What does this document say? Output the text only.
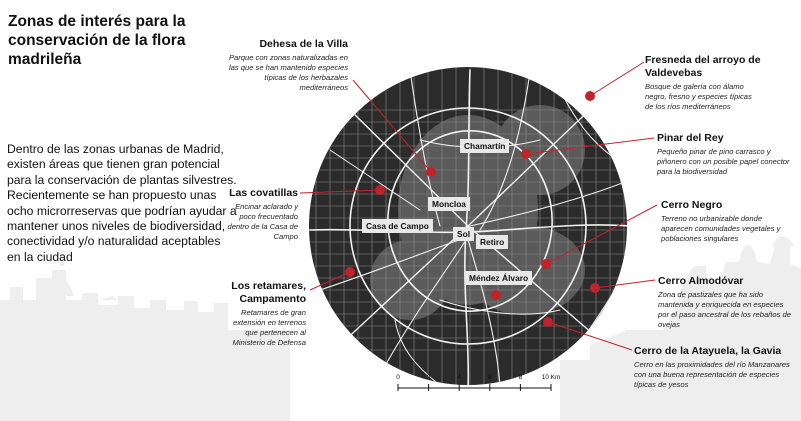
Zonas de interés para la conservación de la flora madrileña
Dentro de las zonas urbanas de Madrid, existen áreas que tienen gran potencial para la conservación de plantas silvestres. Recientemente se han propuesto unas ocho microrreservas que podrían ayudar a mantener unos niveles de biodiversidad, conectividad y/o naturalidad aceptables en la ciudad
Chamartín
Moncloa
Casa de Campo
Sol
Retiro
Méndez Álvaro
Dehesa de la Villa
Parque con zonas naturalizadas en las que se han mantenido especies típicas de los herbazales mediterráneos
Fresneda del arroyo de Valdevebas
Bosque de galería con álamo negro, fresno y especies típicas de los ríos mediterráneos
Pinar del Rey
Pequeño pinar de pino carrasco y piñonero con un posible papel conector para la biodiversidad
Las covatillas
Encinar aclarado y poco frecuentado dentro de la Casa de Campo
Cerro Negro
Terreno no urbanizable donde aparecen comunidades vegetales y poblaciones singulares
Los retamares, Campamento
Retamares de gran extensión en terrenos que pertenecen al Ministerio de Defensa
Cerro Almodóvar
Zona de pastizales que ha sido mantenida y enriquecida en especies por el paso ancestral de los rebaños de ovejas
Cerro de la Atayuela, la Gavia
Cerro en las proximidades del río Manzanares con una buena representación de especies típicas de yesos
0	2	4	6	8	10 Km
